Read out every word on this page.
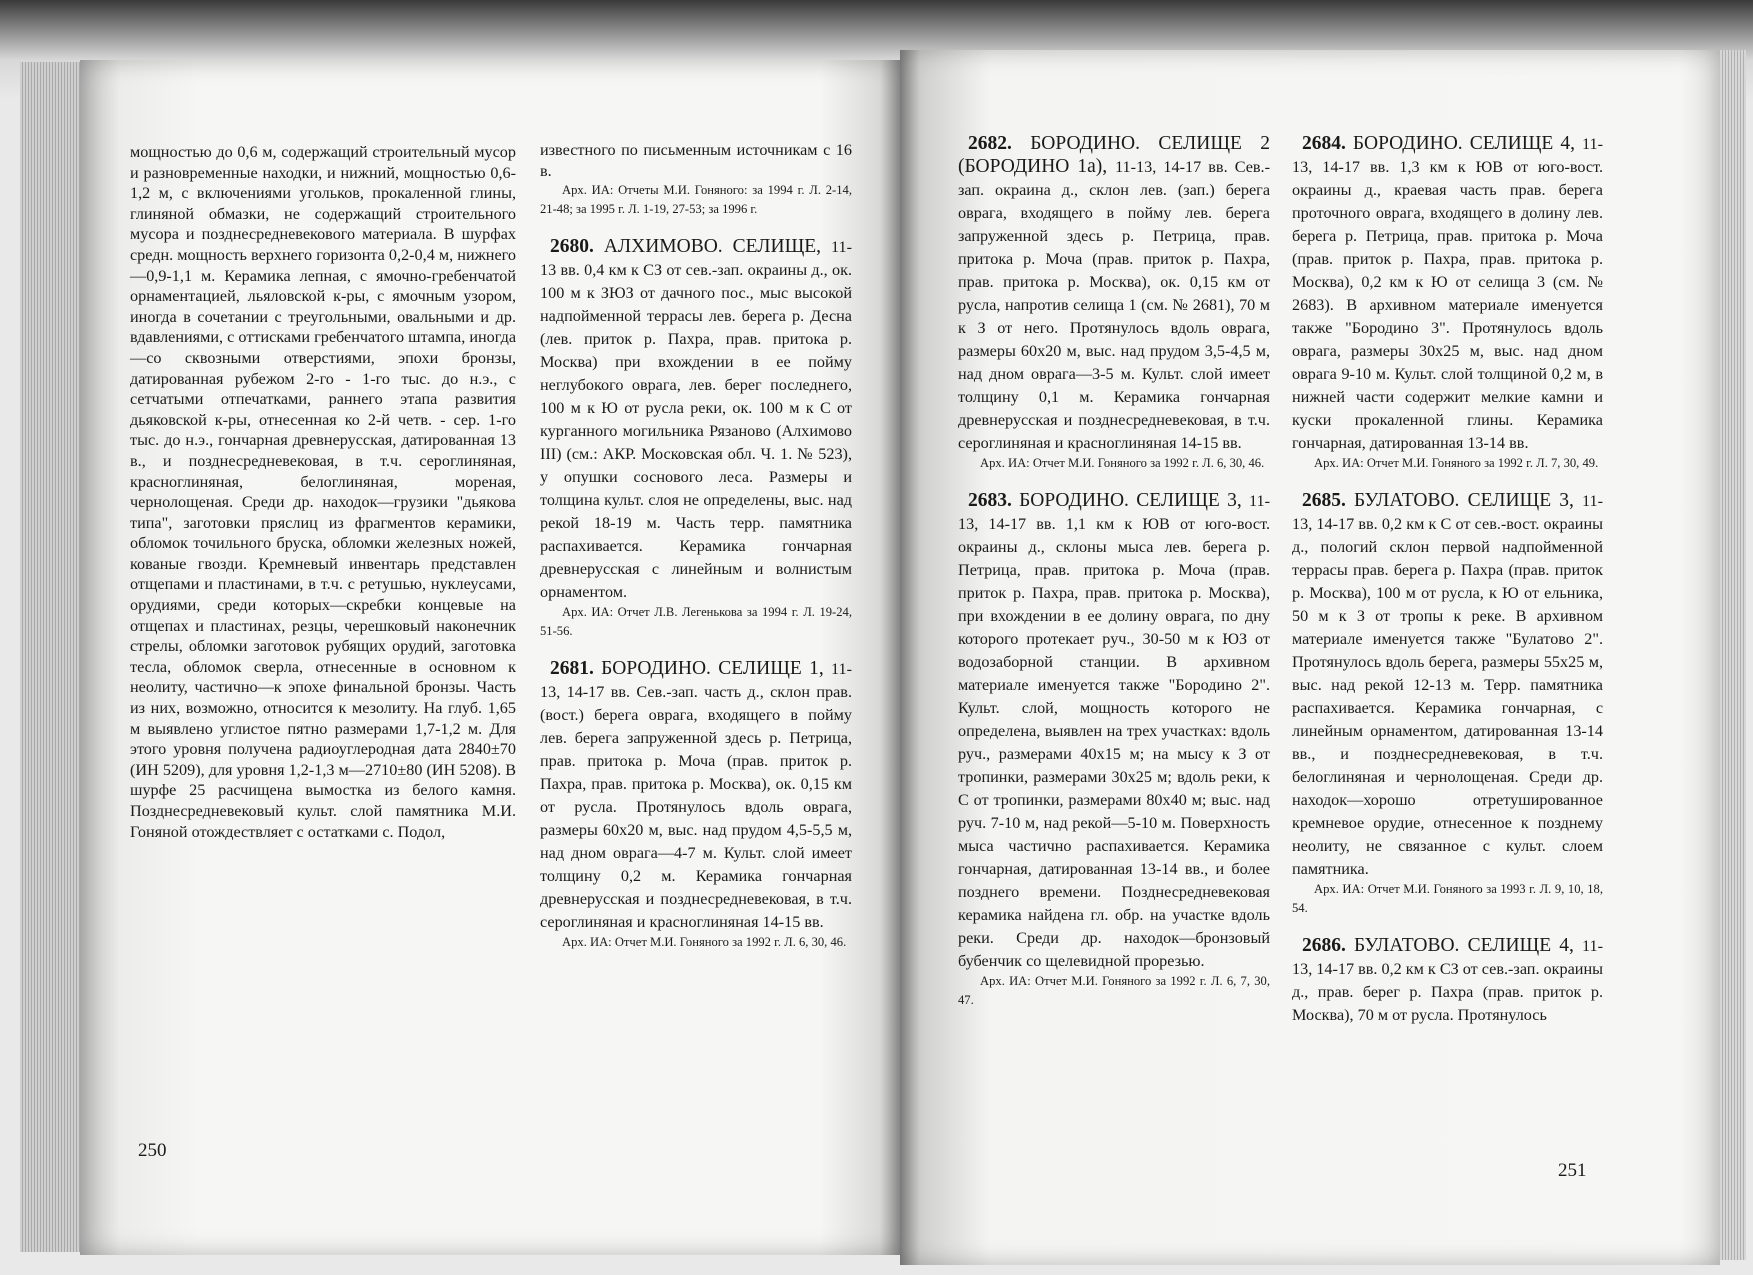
2682. БОРОДИНО. СЕЛИЩЕ 2 (БОРОДИНО 1а), 11-13, 14-17 вв. Сев.-зап. окраина д., склон лев. (зап.) берега оврага, входящего в пойму лев. берега запруженной здесь р. Петрица, прав. притока р. Моча (прав. приток р. Пахра, прав. притока р. Москва), ок. 0,15 км от русла, напротив селища 1 (см. № 2681), 70 м к З от него. Протянулось вдоль оврага, размеры 60х20 м, выс. над прудом 3,5-4,5 м, над дном оврага—3-5 м. Культ. слой имеет толщину 0,1 м. Керамика гончарная древнерусская и позднесредневековая, в т.ч. сероглиняная и красноглиняная 14-15 вв.

Арх. ИА: Отчет М.И. Гоняного за 1992 г. Л. 6, 30, 46.

2683. БОРОДИНО. СЕЛИЩЕ 3, 11-13, 14-17 вв. 1,1 км к ЮВ от юго-вост. окраины д., склоны мыса лев. берега р. Петрица, прав. притока р. Моча (прав. приток р. Пахра, прав. притока р. Москва), при вхождении в ее долину оврага, по дну которого протекает руч., 30-50 м к ЮЗ от водозаборной станции. В архивном материале именуется также "Бородино 2". Культ. слой, мощность которого не определена, выявлен на трех участках: вдоль руч., размерами 40х15 м; на мысу к З от тропинки, размерами 30х25 м; вдоль реки, к С от тропинки, размерами 80х40 м; выс. над руч. 7-10 м, над рекой—5-10 м. Поверхность мыса частично распахивается. Керамика гончарная, датированная 13-14 вв., и более позднего времени. Позднесредневековая керамика найдена гл. обр. на участке вдоль реки. Среди др. находок—бронзовый бубенчик со щелевидной прорезью.

Арх. ИА: Отчет М.И. Гоняного за 1992 г. Л. 6, 7, 30, 47.

2684. БОРОДИНО. СЕЛИЩЕ 4, 11-13, 14-17 вв. 1,3 км к ЮВ от юго-вост. окраины д., краевая часть прав. берега проточного оврага, входящего в долину лев. берега р. Петрица, прав. притока р. Моча (прав. приток р. Пахра, прав. притока р. Москва), 0,2 км к Ю от селища 3 (см. № 2683). В архивном материале именуется также "Бородино 3". Протянулось вдоль оврага, размеры 30х25 м, выс. над дном оврага 9-10 м. Культ. слой толщиной 0,2 м, в нижней части содержит мелкие камни и куски прокаленной глины. Керамика гончарная, датированная 13-14 вв.

Арх. ИА: Отчет М.И. Гоняного за 1992 г. Л. 7, 30, 49.

2685. БУЛАТОВО. СЕЛИЩЕ 3, 11-13, 14-17 вв. 0,2 км к С от сев.-вост. окраины д., пологий склон первой надпойменной террасы прав. берега р. Пахра (прав. приток р. Москва), 100 м от русла, к Ю от ельника, 50 м к З от тропы к реке. В архивном материале именуется также "Булатово 2". Протянулось вдоль берега, размеры 55х25 м, выс. над рекой 12-13 м. Терр. памятника распахивается. Керамика гончарная, с линейным орнаментом, датированная 13-14 вв., и позднесредневековая, в т.ч. белоглиняная и чернолощеная. Среди др. находок—хорошо отретушированное кремневое орудие, отнесенное к позднему неолиту, не связанное с культ. слоем памятника.

Арх. ИА: Отчет М.И. Гоняного за 1993 г. Л. 9, 10, 18, 54.

2686. БУЛАТОВО. СЕЛИЩЕ 4, 11-13, 14-17 вв. 0,2 км к СЗ от сев.-зап. окраины д., прав. берег р. Пахра (прав. приток р. Москва), 70 м от русла. Протянулось

251

мощностью до 0,6 м, содержащий строительный мусор и разновременные находки, и нижний, мощностью 0,6-1,2 м, с включениями угольков, прокаленной глины, глиняной обмазки, не содержащий строительного мусора и позднесредневекового материала. В шурфах средн. мощность верхнего горизонта 0,2-0,4 м, нижнего—0,9-1,1 м. Керамика лепная, с ямочно-гребенчатой орнаментацией, льяловской к-ры, с ямочным узором, иногда в сочетании с треугольными, овальными и др. вдавлениями, с оттисками гребенчатого штампа, иногда—со сквозными отверстиями, эпохи бронзы, датированная рубежом 2-го - 1-го тыс. до н.э., с сетчатыми отпечатками, раннего этапа развития дьяковской к-ры, отнесенная ко 2-й четв. - сер. 1-го тыс. до н.э., гончарная древнерусская, датированная 13 в., и позднесредневековая, в т.ч. сероглиняная, красноглиняная, белоглиняная, мореная, чернолощеная. Среди др. находок—грузики "дьякова типа", заготовки пряслиц из фрагментов керамики, обломок точильного бруска, обломки железных ножей, кованые гвозди. Кремневый инвентарь представлен отщепами и пластинами, в т.ч. с ретушью, нуклеусами, орудиями, среди которых—скребки концевые на отщепах и пластинах, резцы, черешковый наконечник стрелы, обломки заготовок рубящих орудий, заготовка тесла, обломок сверла, отнесенные в основном к неолиту, частично—к эпохе финальной бронзы. Часть из них, возможно, относится к мезолиту. На глуб. 1,65 м выявлено углистое пятно размерами 1,7-1,2 м. Для этого уровня получена радиоуглеродная дата 2840±70 (ИН 5209), для уровня 1,2-1,3 м—2710±80 (ИН 5208). В шурфе 25 расчищена вымостка из белого камня. Позднесредневековый культ. слой памятника М.И. Гоняной отождествляет с остатками с. Подол,

известного по письменным источникам с 16 в.

Арх. ИА: Отчеты М.И. Гоняного: за 1994 г. Л. 2-14, 21-48; за 1995 г. Л. 1-19, 27-53; за 1996 г.

2680. АЛХИМОВО. СЕЛИЩЕ, 11-13 вв. 0,4 км к СЗ от сев.-зап. окраины д., ок. 100 м к ЗЮЗ от дачного пос., мыс высокой надпойменной террасы лев. берега р. Десна (лев. приток р. Пахра, прав. притока р. Москва) при вхождении в ее пойму неглубокого оврага, лев. берег последнего, 100 м к Ю от русла реки, ок. 100 м к С от курганного могильника Рязаново (Алхимово III) (см.: АКР. Московская обл. Ч. 1. № 523), у опушки соснового леса. Размеры и толщина культ. слоя не определены, выс. над рекой 18-19 м. Часть терр. памятника распахивается. Керамика гончарная древнерусская с линейным и волнистым орнаментом.

Арх. ИА: Отчет Л.В. Легенькова за 1994 г. Л. 19-24, 51-56.

2681. БОРОДИНО. СЕЛИЩЕ 1, 11-13, 14-17 вв. Сев.-зап. часть д., склон прав. (вост.) берега оврага, входящего в пойму лев. берега запруженной здесь р. Петрица, прав. притока р. Моча (прав. приток р. Пахра, прав. притока р. Москва), ок. 0,15 км от русла. Протянулось вдоль оврага, размеры 60х20 м, выс. над прудом 4,5-5,5 м, над дном оврага—4-7 м. Культ. слой имеет толщину 0,2 м. Керамика гончарная древнерусская и позднесредневековая, в т.ч. сероглиняная и красноглиняная 14-15 вв.

Арх. ИА: Отчет М.И. Гоняного за 1992 г. Л. 6, 30, 46.

250
